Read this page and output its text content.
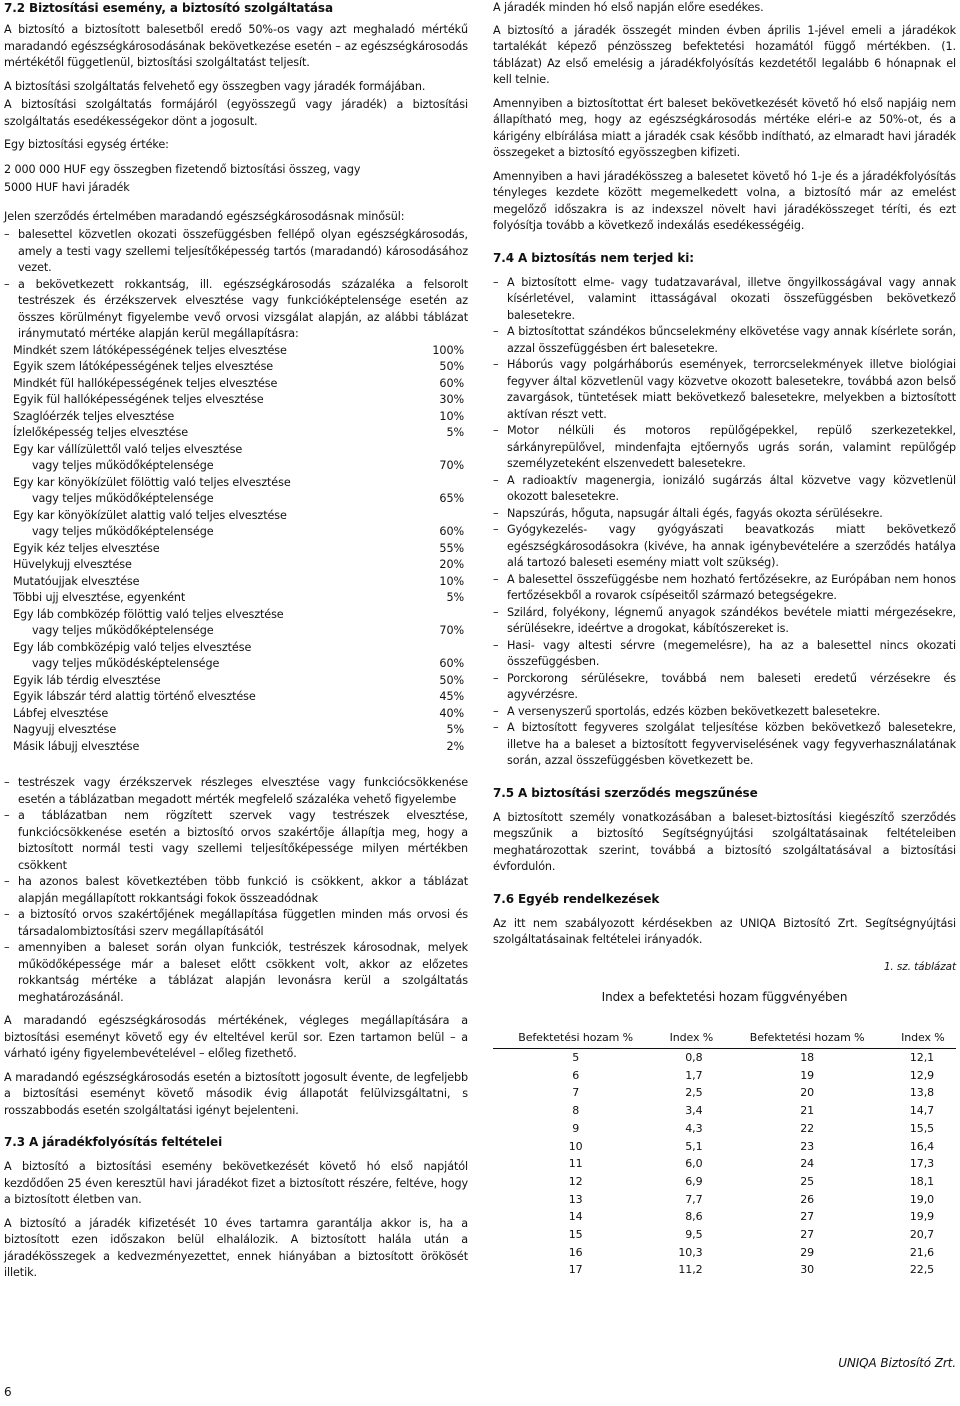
7.2 Biztosítási esemény, a biztosító szolgáltatása

A biztosító a biztosított balesetből eredő 50%-os vagy azt meghaladó mértékű maradandó egészségkárosodásának bekövetkezése esetén – az egészségkárosodás mértékétől függetlenül, biztosítási szolgáltatást teljesít.

A biztosítási szolgáltatás felvehető egy összegben vagy járadék formájában.

A biztosítási szolgáltatás formájáról (egyösszegű vagy járadék) a biztosítási szolgáltatás esedékességekor dönt a jogosult.

Egy biztosítási egység értéke:

2 000 000 HUF egy összegben fizetendő biztosítási összeg, vagy

5000 HUF havi járadék

Jelen szerződés értelmében maradandó egészségkárosodásnak minősül:

– balesettel közvetlen okozati összefüggésben fellépő olyan egészségkárosodás, amely a testi vagy szellemi teljesítőképesség tartós (maradandó) károsodásához vezet.
– a bekövetkezett rokkantság, ill. egészségkárosodás százaléka a felsorolt testrészek és érzékszervek elvesztése vagy funkcióképtelensége esetén az összes körülményt figyelembe vevő orvosi vizsgálat alapján, az alábbi táblázat iránymutató mértéke alapján kerül megállapításra:
Mindkét szem látóképességének teljes elvesztése	100%
Egyik szem látóképességének teljes elvesztése	50%
Mindkét fül hallóképességének teljes elvesztése	60%
Egyik fül hallóképességének teljes elvesztése	30%
Szaglóérzék teljes elvesztése	10%
Ízlelőképesség teljes elvesztése	5%
Egy kar vállízülettől való teljes elvesztése
vagy teljes működőképtelensége	70%
Egy kar könyökízület fölöttig való teljes elvesztése
vagy teljes működőképtelensége	65%
Egy kar könyökízület alattig való teljes elvesztése
vagy teljes működőképtelensége	60%
Egyik kéz teljes elvesztése	55%
Hüvelykujj elvesztése	20%
Mutatóujjak elvesztése	10%
Többi ujj elvesztése, egyenként	5%
Egy láb combközép fölöttig való teljes elvesztése
vagy teljes működőképtelensége	70%
Egy láb combközépig való teljes elvesztése
vagy teljes működésképtelensége	60%
Egyik láb térdig elvesztése	50%
Egyik lábszár térd alattig történő elvesztése	45%
Lábfej elvesztése	40%
Nagyujj elvesztése	5%
Másik lábujj elvesztése	2%
– testrészek vagy érzékszervek részleges elvesztése vagy funkciócsökkenése esetén a táblázatban megadott mérték megfelelő százaléka vehető figyelembe
– a táblázatban nem rögzített szervek vagy testrészek elvesztése, funkciócsökkenése esetén a biztosító orvos szakértője állapítja meg, hogy a biztosított normál testi vagy szellemi teljesítőképessége milyen mértékben csökkent
– ha azonos balest következtében több funkció is csökkent, akkor a táblázat alapján megállapított rokkantsági fokok összeadódnak
– a biztosító orvos szakértőjének megállapítása független minden más orvosi és társadalombiztosítási szerv megállapításától
– amennyiben a baleset során olyan funkciók, testrészek károsodnak, melyek működőképessége már a baleset előtt csökkent volt, akkor az előzetes rokkantság mértéke a táblázat alapján levonásra kerül a szolgáltatás meghatározásánál.

A maradandó egészségkárosodás mértékének, végleges megállapítására a biztosítási eseményt követő egy év elteltével kerül sor. Ezen tartamon belül – a várható igény figyelembevételével – előleg fizethető.

A maradandó egészségkárosodás esetén a biztosított jogosult évente, de legfeljebb a biztosítási eseményt követő második évig állapotát felülvizsgáltatni, s rosszabbodás esetén szolgáltatási igényt bejelenteni.

7.3 A járadékfolyósítás feltételei

A biztosító a biztosítási esemény bekövetkezését követő hó első napjától kezdődően 25 éven keresztül havi járadékot fizet a biztosított részére, feltéve, hogy a biztosított életben van.

A biztosító a járadék kifizetését 10 éves tartamra garantálja akkor is, ha a biztosított ezen időszakon belül elhalálozik. A biztosított halála után a járadékösszegek a kedvezményezettet, ennek hiányában a biztosított örökösét illetik.

A járadék minden hó első napján előre esedékes.

A biztosító a járadék összegét minden évben április 1-jével emeli a járadékok tartalékát képező pénzösszeg befektetési hozamától függő mértékben. (1. táblázat) Az első emelésig a járadékfolyósítás kezdetétől legalább 6 hónapnak el kell telnie.

Amennyiben a biztosítottat ért baleset bekövetkezését követő hó első napjáig nem állapítható meg, hogy az egészségkárosodás mértéke eléri-e az 50%-ot, és a kárigény elbírálása miatt a járadék csak később indítható, az elmaradt havi járadék összegeket a biztosító egyösszegben kifizeti.

Amennyiben a havi járadékösszeg a balesetet követő hó 1-je és a járadékfolyósítás tényleges kezdete között megemelkedett volna, a biztosító már az emelést megelőző időszakra is az indexszel növelt havi járadékösszeget téríti, és ezt folyósítja tovább a következő indexálás esedékességéig.

7.4 A biztosítás nem terjed ki:
– A biztosított elme- vagy tudatzavarával, illetve öngyilkosságával vagy annak kísérletével, valamint ittasságával okozati összefüggésben bekövetkező balesetekre.
– A biztosítottat szándékos bűncselekmény elkövetése vagy annak kísérlete során, azzal összefüggésben ért balesetekre.
– Háborús vagy polgárháborús események, terrorcselekmények illetve biológiai fegyver által közvetlenül vagy közvetve okozott balesetekre, továbbá azon belső zavargások, tüntetések miatt bekövetkező balesetekre, melyekben a biztosított aktívan részt vett.
– Motor nélküli és motoros repülőgépekkel, repülő szerkezetekkel, sárkányrepülővel, mindenfajta ejtőernyős ugrás során, valamint repülőgép személyzeteként elszenvedett balesetekre.
– A radioaktív magenergia, ionizáló sugárzás által közvetve vagy közvetlenül okozott balesetekre.
– Napszúrás, hőguta, napsugár általi égés, fagyás okozta sérülésekre.
– Gyógykezelés- vagy gyógyászati beavatkozás miatt bekövetkező egészségkárosodásokra (kivéve, ha annak igénybevételére a szerződés hatálya alá tartozó baleseti esemény miatt volt szükség).
– A balesettel összefüggésbe nem hozható fertőzésekre, az Európában nem honos fertőzésekből a rovarok csípéseitől származó betegségekre.
– Szilárd, folyékony, légnemű anyagok szándékos bevétele miatti mérgezésekre, sérülésekre, ideértve a drogokat, kábítószereket is.
– Hasi- vagy altesti sérvre (megemelésre), ha az a balesettel nincs okozati összefüggésben.
– Porckorong sérülésekre, továbbá nem baleseti eredetű vérzésekre és agyvérzésre.
– A versenyszerű sportolás, edzés közben bekövetkezett balesetekre.
– A biztosított fegyveres szolgálat teljesítése közben bekövetkező balesetekre, illetve ha a baleset a biztosított fegyverviselésének vagy fegyverhasználatának során, azzal összefüggésben következett be.
7.5 A biztosítási szerződés megszűnése

A biztosított személy vonatkozásában a baleset-biztosítási kiegészítő szerződés megszűnik a biztosító Segítségnyújtási szolgáltatásainak feltételeiben meghatározottak szerint, továbbá a biztosító szolgáltatásával a biztosítási évfordulón.

7.6 Egyéb rendelkezések

Az itt nem szabályozott kérdésekben az UNIQA Biztosító Zrt. Segítségnyújtási szolgáltatásainak feltételei irányadók.

1. sz. táblázat
Index a befektetési hozam függvényében
Befektetési hozam %	Index %	Befektetési hozam %	Index %
5	0,8	18	12,1
6	1,7	19	12,9
7	2,5	20	13,8
8	3,4	21	14,7
9	4,3	22	15,5
10	5,1	23	16,4
11	6,0	24	17,3
12	6,9	25	18,1
13	7,7	26	19,0
14	8,6	27	19,9
15	9,5	27	20,7
16	10,3	29	21,6
17	11,2	30	22,5
UNIQA Biztosító Zrt.
6
